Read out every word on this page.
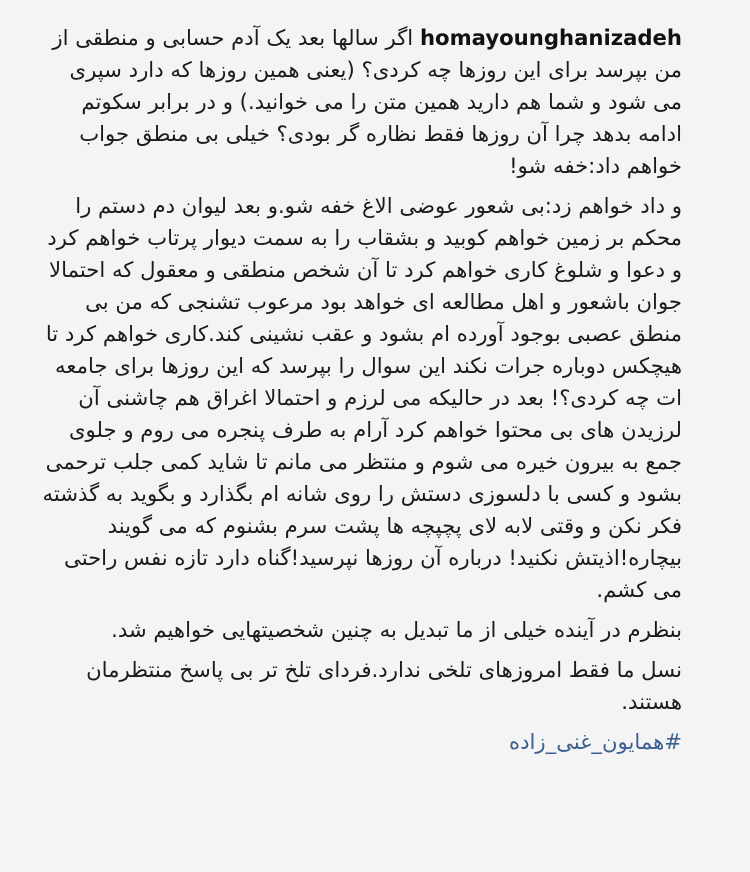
homayounghanizadeh اگر سالها بعد یک آدم حسابی و منطقی از من بپرسد برای این روزها چه کردی؟ (یعنی همین روزها که دارد سپری می شود و شما هم دارید همین متن را می خوانید.) و در برابر سکوتم ادامه بدهد چرا آن روزها فقط نظاره گر بودی؟ خیلی بی منطق جواب خواهم داد:خفه شو!

و داد خواهم زد:بی شعور عوضی الاغ خفه شو.و بعد لیوان دم دستم را محکم بر زمین خواهم کوبید و بشقاب را به سمت دیوار پرتاب خواهم کرد و دعوا و شلوغ کاری خواهم کرد تا آن شخص منطقی و معقول که احتمالا جوان باشعور و اهل مطالعه ای خواهد بود مرعوب تشنجی که من بی منطق عصبی بوجود آورده ام بشود و عقب نشینی کند.کاری خواهم کرد تا هیچکس دوباره جرات نکند این سوال را بپرسد که این روزها برای جامعه ات چه کردی؟! بعد در حالیکه می لرزم و احتمالا اغراق هم چاشنی آن لرزیدن های بی محتوا خواهم کرد آرام به طرف پنجره می روم و جلوی جمع به بیرون خیره می شوم و منتظر می مانم تا شاید کمی جلب ترحمی بشود و کسی با دلسوزی دستش را روی شانه ام بگذارد و بگوید به گذشته فکر نکن و وقتی لابه لای پچپچه ها پشت سرم بشنوم که می گویند بیچاره!اذیتش نکنید! درباره آن روزها نپرسید!گناه دارد تازه نفس راحتی می کشم.

بنظرم در آینده خیلی از ما تبدیل به چنین شخصیتهایی خواهیم شد.

نسل ما فقط امروزهای تلخی ندارد.فردای تلخ تر بی پاسخ منتظرمان هستند.

#همایون_غنی_زاده
